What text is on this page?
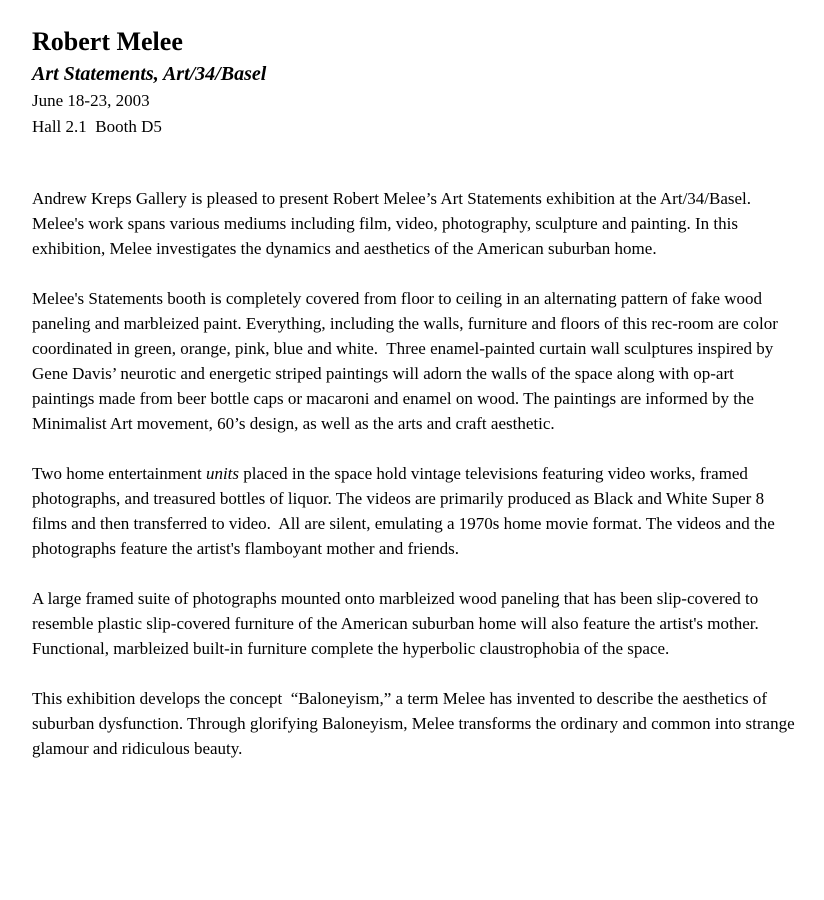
Robert Melee
Art Statements, Art/34/Basel
June 18-23, 2003
Hall 2.1  Booth D5

Andrew Kreps Gallery is pleased to present Robert Melee’s Art Statements exhibition at the Art/34/Basel. Melee's work spans various mediums including film, video, photography, sculpture and painting. In this exhibition, Melee investigates the dynamics and aesthetics of the American suburban home.

Melee's Statements booth is completely covered from floor to ceiling in an alternating pattern of fake wood paneling and marbleized paint. Everything, including the walls, furniture and floors of this rec-room are color coordinated in green, orange, pink, blue and white.  Three enamel-painted curtain wall sculptures inspired by Gene Davis’ neurotic and energetic striped paintings will adorn the walls of the space along with op-art paintings made from beer bottle caps or macaroni and enamel on wood. The paintings are informed by the Minimalist Art movement, 60’s design, as well as the arts and craft aesthetic.

Two home entertainment units placed in the space hold vintage televisions featuring video works, framed photographs, and treasured bottles of liquor. The videos are primarily produced as Black and White Super 8 films and then transferred to video.  All are silent, emulating a 1970s home movie format. The videos and the photographs feature the artist's flamboyant mother and friends.

A large framed suite of photographs mounted onto marbleized wood paneling that has been slip-covered to resemble plastic slip-covered furniture of the American suburban home will also feature the artist's mother. Functional, marbleized built-in furniture complete the hyperbolic claustrophobia of the space.

This exhibition develops the concept  “Baloneyism,” a term Melee has invented to describe the aesthetics of suburban dysfunction. Through glorifying Baloneyism, Melee transforms the ordinary and common into strange glamour and ridiculous beauty.
